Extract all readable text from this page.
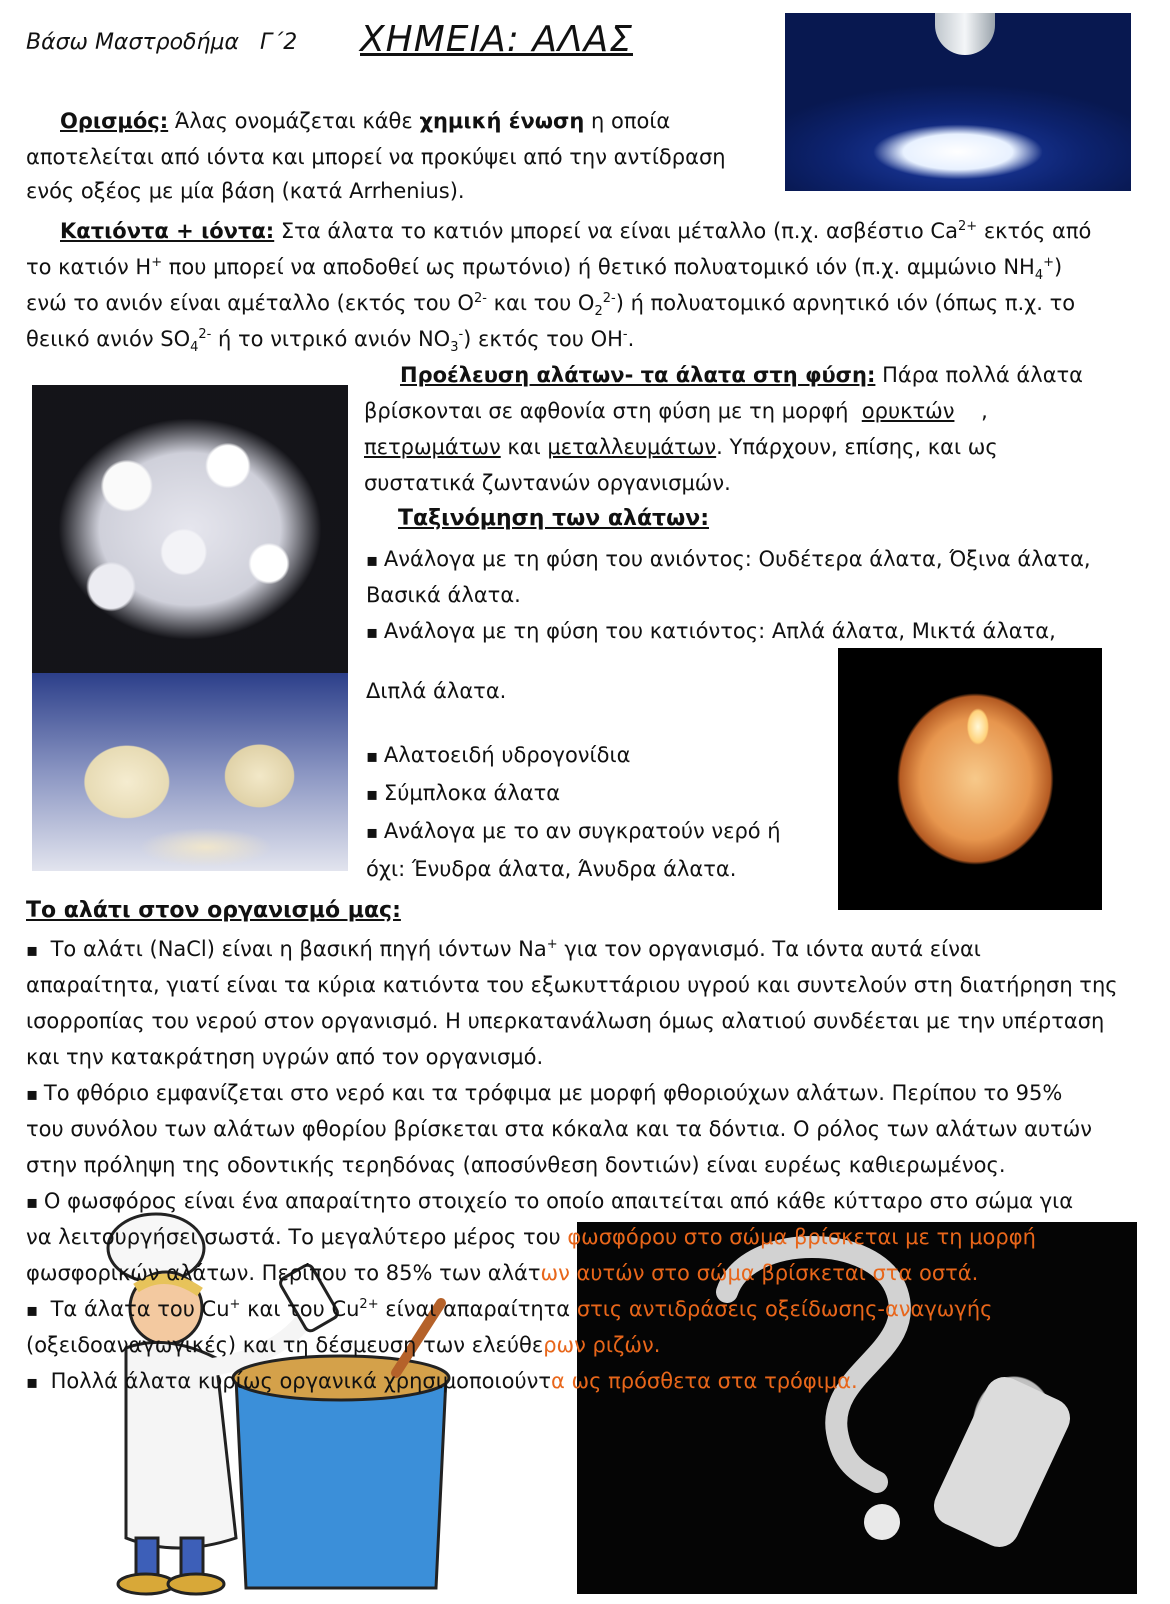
Βάσω Μαστροδήμα Γ΄2 ΧΗΜΕΙΑ: ΑΛΑΣ
Ορισμός: Άλας ονομάζεται κάθε χημική ένωση η οποία
αποτελείται από ιόντα και μπορεί να προκύψει από την αντίδραση
ενός οξέος με μία βάση (κατά Arrhenius).
Κατιόντα + ιόντα: Στα άλατα το κατιόν μπορεί να είναι μέταλλο (π.χ. ασβέστιο $Ca^{2+}$ εκτός από
το κατιόν Η+ που μπορεί να αποδοθεί ως πρωτόνιο) ή θετικό πολυατομικό ιόν (π.χ. αμμώνιο $NH_4^+$)
ενώ το ανιόν είναι αμέταλλο (εκτός του $O^{2-}$ και του $O_2^{2-}$) ή πολυατομικό αρνητικό ιόν (όπως π.χ. το
θειικό ανιόν $SO_4^{2-}$ ή το νιτρικό ανιόν $NO_3^-$) εκτός του ΟΗ-.
Προέλευση αλάτων- τα άλατα στη φύση: Πάρα πολλά άλατα
βρίσκονται σε αφθονία στη φύση με τη μορφή ορυκτών ,
πετρωμάτων και μεταλλευμάτων. Υπάρχουν, επίσης, και ως
συστατικά ζωντανών οργανισμών.
Ταξινόμηση των αλάτων:
▪ Ανάλογα με τη φύση του ανιόντος: Ουδέτερα άλατα, Όξινα άλατα,
Βασικά άλατα.
▪ Ανάλογα με τη φύση του κατιόντος: Απλά άλατα, Μικτά άλατα,
Διπλά άλατα.
▪ Αλατοειδή υδρογονίδια
▪ Σύμπλοκα άλατα
▪ Ανάλογα με το αν συγκρατούν νερό ή
όχι: Ένυδρα άλατα, Άνυδρα άλατα.
Το αλάτι στον οργανισμό μας:
▪ Το αλάτι (NaCl) είναι η βασική πηγή ιόντων Na+ για τον οργανισμό. Τα ιόντα αυτά είναι
απαραίτητα, γιατί είναι τα κύρια κατιόντα του εξωκυττάριου υγρού και συντελούν στη διατήρηση της
ισορροπίας του νερού στον οργανισμό. Η υπερκατανάλωση όμως αλατιού συνδέεται με την υπέρταση
και την κατακράτηση υγρών από τον οργανισμό.
▪ Το φθόριο εμφανίζεται στο νερό και τα τρόφιμα με μορφή φθοριούχων αλάτων. Περίπου το 95%
του συνόλου των αλάτων φθορίου βρίσκεται στα κόκαλα και τα δόντια. Ο ρόλος των αλάτων αυτών
στην πρόληψη της οδοντικής τερηδόνας (αποσύνθεση δοντιών) είναι ευρέως καθιερωμένος.
▪ Ο φωσφόρος είναι ένα απαραίτητο στοιχείο το οποίο απαιτείται από κάθε κύτταρο στο σώμα για
να λειτουργήσει σωστά. Το μεγαλύτερο μέρος του φωσφόρου στο σώμα βρίσκεται με τη μορφή
φωσφορικών αλάτων. Περίπου το 85% των αλάτων αυτών στο σώμα βρίσκεται στα οστά.
▪ Τα άλατα του Cu+ και του $Cu^{2+}$ είναι απαραίτητα στις αντιδράσεις οξείδωσης-αναγωγής
(οξειδοαναγωγικές) και τη δέσμευση των ελεύθερων ριζών.
▪ Πολλά άλατα κυρίως οργανικά χρησιμοποιούντα ως πρόσθετα στα τρόφιμα.
